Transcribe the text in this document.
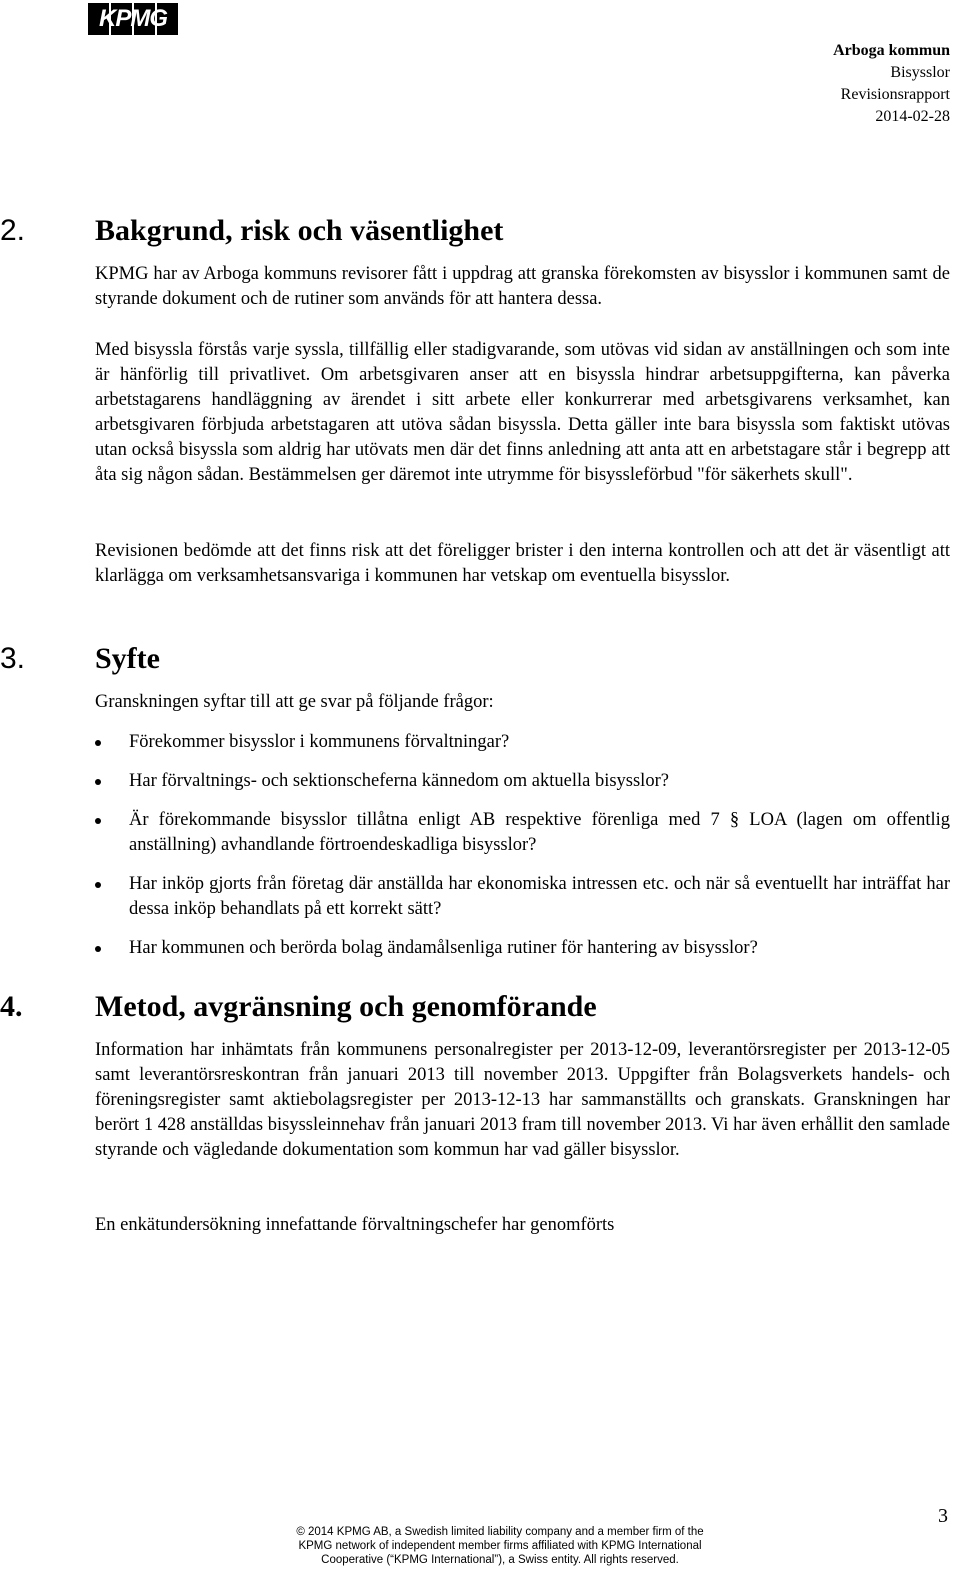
KPMG
Arboga kommun
Bisysslor
Revisionsrapport
2014-02-28
2. Bakgrund, risk och väsentlighet

KPMG har av Arboga kommuns revisorer fått i uppdrag att granska förekomsten av bisysslor i kommunen samt de styrande dokument och de rutiner som används för att hantera dessa.

Med bisyssla förstås varje syssla, tillfällig eller stadigvarande, som utövas vid sidan av anställningen och som inte är hänförlig till privatlivet. Om arbetsgivaren anser att en bisyssla hindrar arbetsuppgifterna, kan påverka arbetstagarens handläggning av ärendet i sitt arbete eller konkurrerar med arbetsgivarens verksamhet, kan arbetsgivaren förbjuda arbetstagaren att utöva sådan bisyssla. Detta gäller inte bara bisyssla som faktiskt utövas utan också bisyssla som aldrig har utövats men där det finns anledning att anta att en arbetstagare står i begrepp att åta sig någon sådan. Bestämmelsen ger däremot inte utrymme för bisyssleförbud "för säkerhets skull".

Revisionen bedömde att det finns risk att det föreligger brister i den interna kontrollen och att det är väsentligt att klarlägga om verksamhetsansvariga i kommunen har vetskap om eventuella bisysslor.

3. Syfte

Granskningen syftar till att ge svar på följande frågor:

Förekommer bisysslor i kommunens förvaltningar?
Har förvaltnings- och sektionscheferna kännedom om aktuella bisysslor?
Är förekommande bisysslor tillåtna enligt AB respektive förenliga med 7 § LOA (lagen om offentlig anställning) avhandlande förtroendeskadliga bisysslor?
Har inköp gjorts från företag där anställda har ekonomiska intressen etc. och när så eventuellt har inträffat har dessa inköp behandlats på ett korrekt sätt?
Har kommunen och berörda bolag ändamålsenliga rutiner för hantering av bisysslor?
4. Metod, avgränsning och genomförande

Information har inhämtats från kommunens personalregister per 2013-12-09, leverantörsregister per 2013-12-05 samt leverantörsreskontran från januari 2013 till november 2013. Uppgifter från Bolagsverkets handels- och föreningsregister samt aktiebolagsregister per 2013-12-13 har sammanställts och granskats. Granskningen har berört 1 428 anställdas bisyssleinnehav från januari 2013 fram till november 2013. Vi har även erhållit den samlade styrande och vägledande dokumentation som kommun har vad gäller bisysslor.

En enkätundersökning innefattande förvaltningschefer har genomförts

3
© 2014 KPMG AB, a Swedish limited liability company and a member firm of the
KPMG network of independent member firms affiliated with KPMG International
Cooperative (“KPMG International”), a Swiss entity. All rights reserved.
